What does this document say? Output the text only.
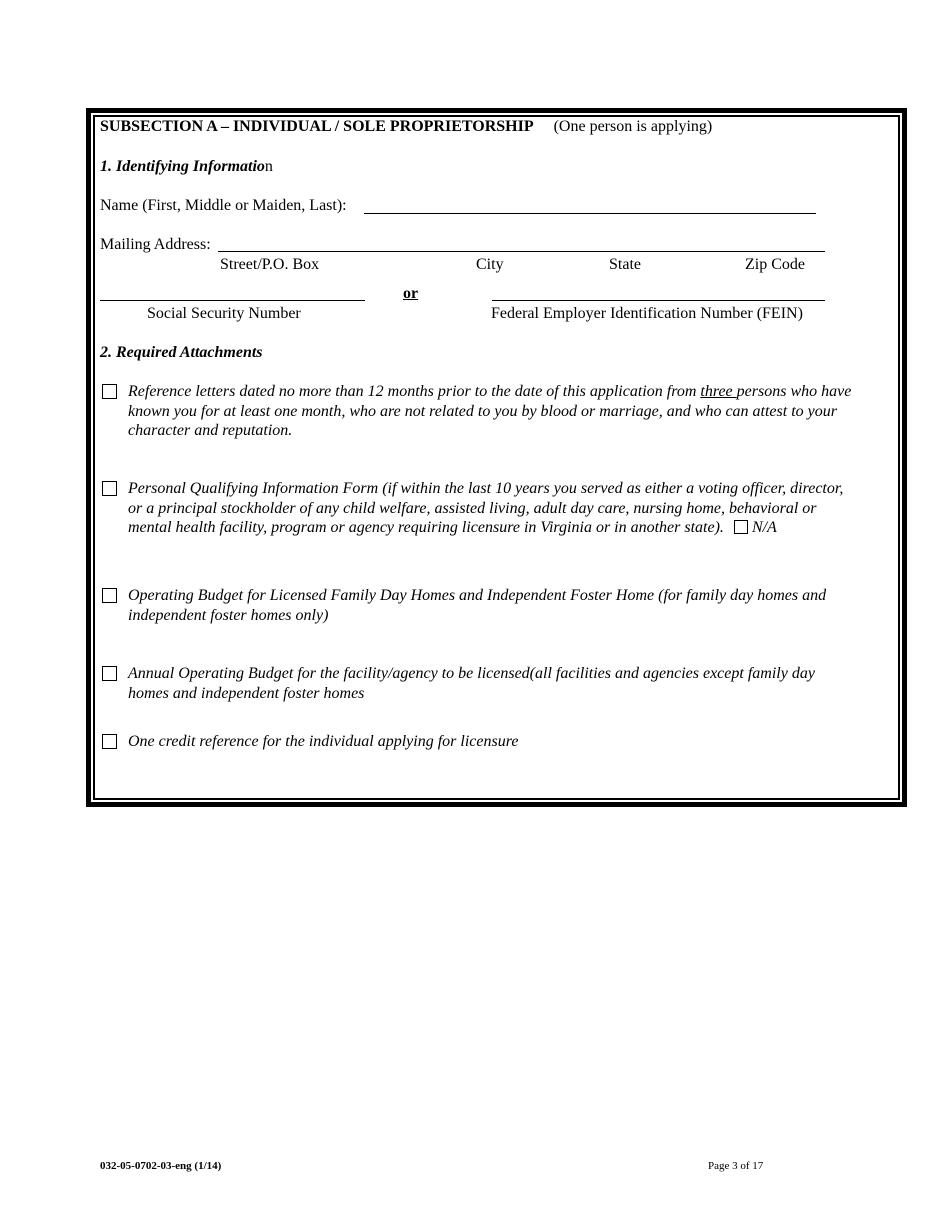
SUBSECTION A – INDIVIDUAL / SOLE PROPRIETORSHIP (One person is applying)
1. Identifying Information
Name (First, Middle or Maiden, Last):
Mailing Address:
Street/P.O. Box	City	State	Zip Code
or
Social Security Number	Federal Employer Identification Number (FEIN)
2. Required Attachments
Reference letters dated no more than 12 months prior to the date of this application from three persons who have known you for at least one month, who are not related to you by blood or marriage, and who can attest to your character and reputation.
Personal Qualifying Information Form (if within the last 10 years you served as either a voting officer, director, or a principal stockholder of any child welfare, assisted living, adult day care, nursing home, behavioral or mental health facility, program or agency requiring licensure in Virginia or in another state). N/A
Operating Budget for Licensed Family Day Homes and Independent Foster Home (for family day homes and independent foster homes only)
Annual Operating Budget for the facility/agency to be licensed(all facilities and agencies except family day homes and independent foster homes
One credit reference for the individual applying for licensure
032-05-0702-03-eng (1/14)	Page 3 of 17
